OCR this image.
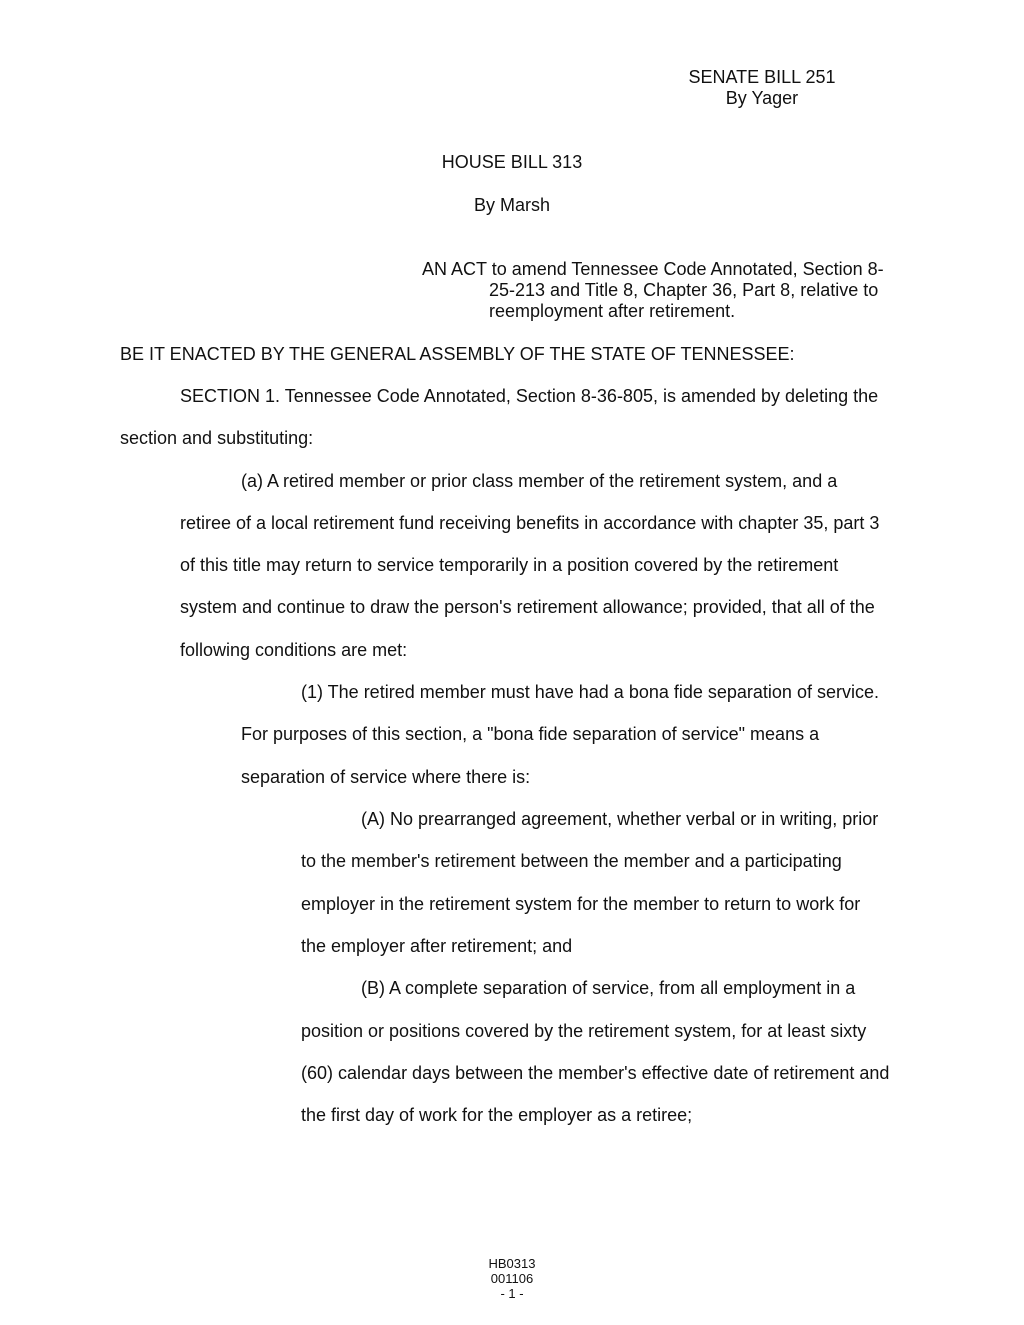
SENATE BILL 251
By Yager
HOUSE BILL 313
By Marsh
AN ACT to amend Tennessee Code Annotated, Section 8-
25-213 and Title 8, Chapter 36, Part 8, relative to
reemployment after retirement.
BE IT ENACTED BY THE GENERAL ASSEMBLY OF THE STATE OF TENNESSEE:
SECTION 1. Tennessee Code Annotated, Section 8-36-805, is amended by deleting the
section and substituting:
(a) A retired member or prior class member of the retirement system, and a
retiree of a local retirement fund receiving benefits in accordance with chapter 35, part 3
of this title may return to service temporarily in a position covered by the retirement
system and continue to draw the person's retirement allowance; provided, that all of the
following conditions are met:
(1) The retired member must have had a bona fide separation of service.
For purposes of this section, a "bona fide separation of service" means a
separation of service where there is:
(A) No prearranged agreement, whether verbal or in writing, prior
to the member's retirement between the member and a participating
employer in the retirement system for the member to return to work for
the employer after retirement; and
(B) A complete separation of service, from all employment in a
position or positions covered by the retirement system, for at least sixty
(60) calendar days between the member's effective date of retirement and
the first day of work for the employer as a retiree;
HB0313
001106
- 1 -
